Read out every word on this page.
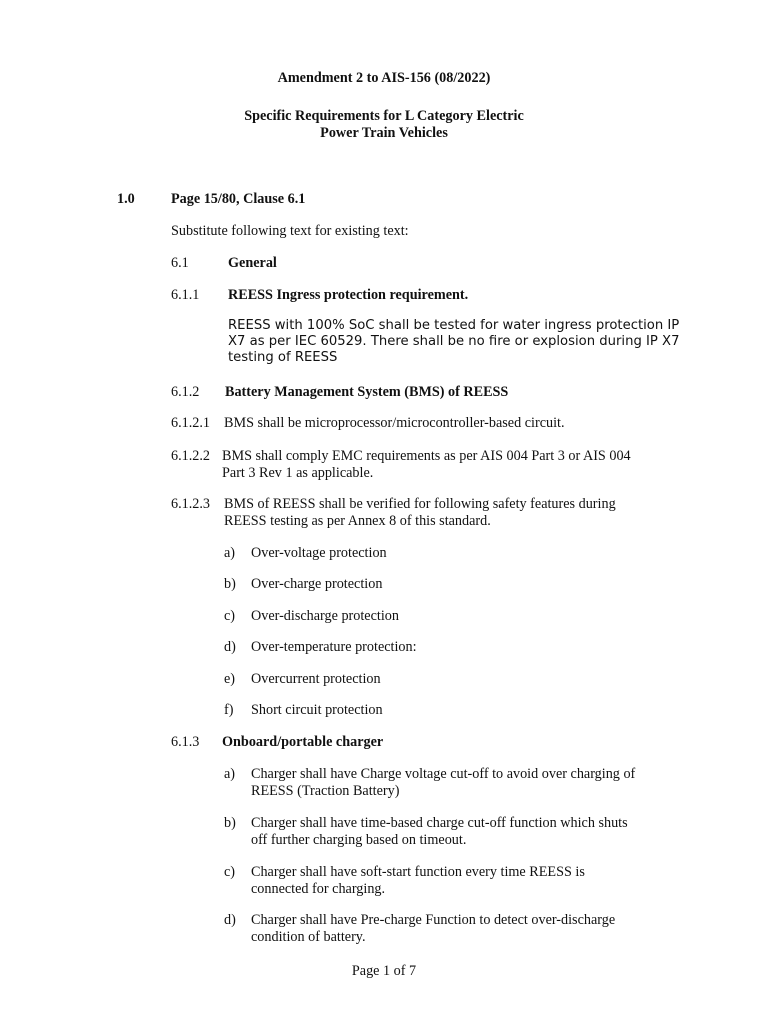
Amendment 2 to AIS-156 (08/2022)
Specific Requirements for L Category Electric
Power Train Vehicles
1.0	Page 15/80, Clause 6.1
Substitute following text for existing text:
6.1	General
6.1.1 REESS Ingress protection requirement.
REESS with 100% SoC shall be tested for water ingress protection IP
X7 as per IEC 60529. There shall be no fire or explosion during IP X7
testing of REESS
6.1.2 Battery Management System (BMS) of REESS
6.1.2.1 BMS shall be microprocessor/microcontroller-based circuit.
6.1.2.2 BMS shall comply EMC requirements as per AIS 004 Part 3 or AIS 004
Part 3 Rev 1 as applicable.
6.1.2.3 BMS of REESS shall be verified for following safety features during
REESS testing as per Annex 8 of this standard.
a) Over-voltage protection
b) Over-charge protection
c) Over-discharge protection
d) Over-temperature protection:
e) Overcurrent protection
f) Short circuit protection
6.1.3 Onboard/portable charger
a) Charger shall have Charge voltage cut-off to avoid over charging of
REESS (Traction Battery)
b) Charger shall have time-based charge cut-off function which shuts
off further charging based on timeout.
c) Charger shall have soft-start function every time REESS is
connected for charging.
d) Charger shall have Pre-charge Function to detect over-discharge
condition of battery.
Page 1 of 7
